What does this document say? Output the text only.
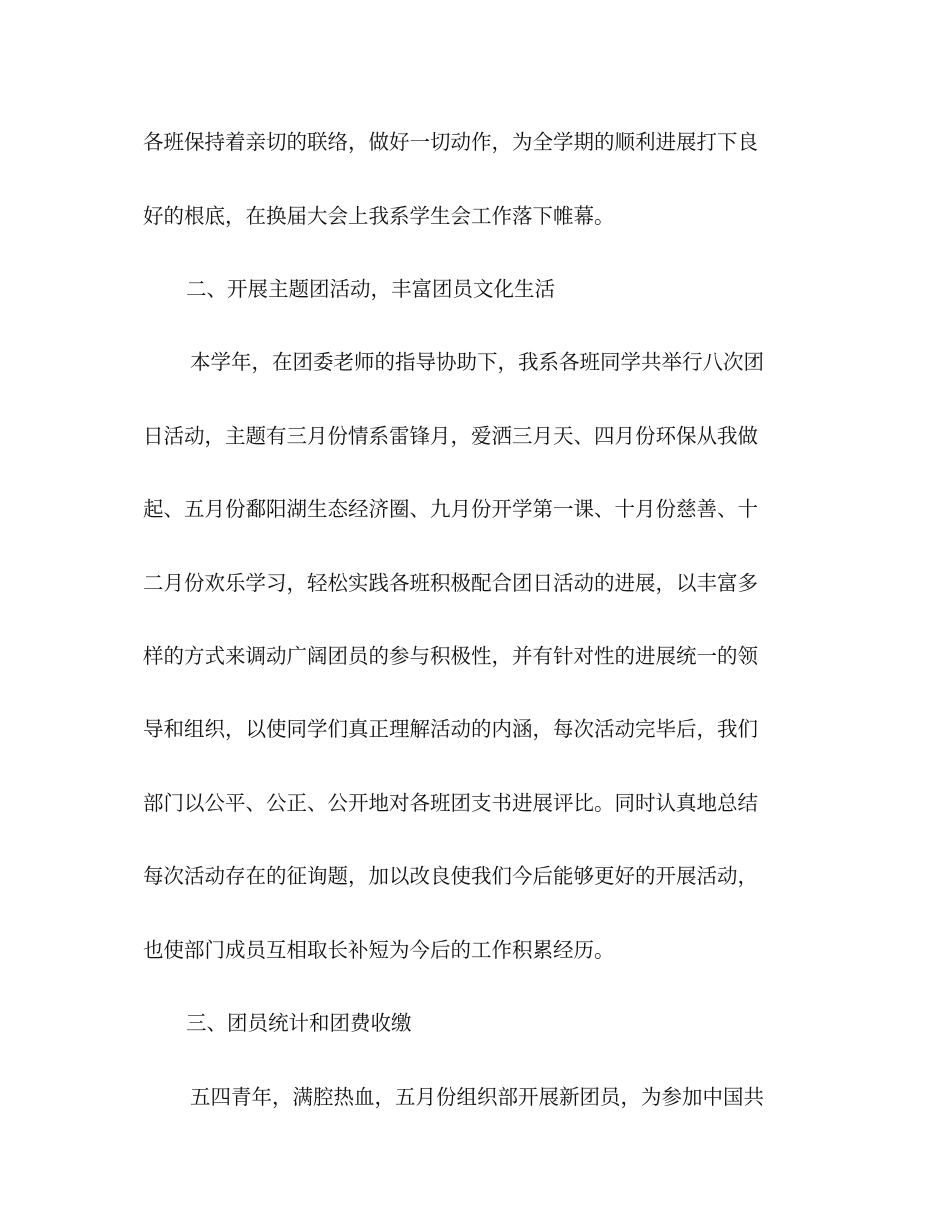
各班保持着亲切的联络，做好一切动作，为全学期的顺利进展打下良

好的根底，在换届大会上我系学生会工作落下帷幕。

二、开展主题团活动，丰富团员文化生活

本学年，在团委老师的指导协助下，我系各班同学共举行八次团

日活动，主题有三月份情系雷锋月，爱洒三月天、四月份环保从我做

起、五月份鄱阳湖生态经济圈、九月份开学第一课、十月份慈善、十

二月份欢乐学习，轻松实践各班积极配合团日活动的进展，以丰富多

样的方式来调动广阔团员的参与积极性，并有针对性的进展统一的领

导和组织，以使同学们真正理解活动的内涵，每次活动完毕后，我们

部门以公平、公正、公开地对各班团支书进展评比。同时认真地总结

每次活动存在的征询题，加以改良使我们今后能够更好的开展活动，

也使部门成员互相取长补短为今后的工作积累经历。

三、团员统计和团费收缴

五四青年，满腔热血，五月份组织部开展新团员，为参加中国共
